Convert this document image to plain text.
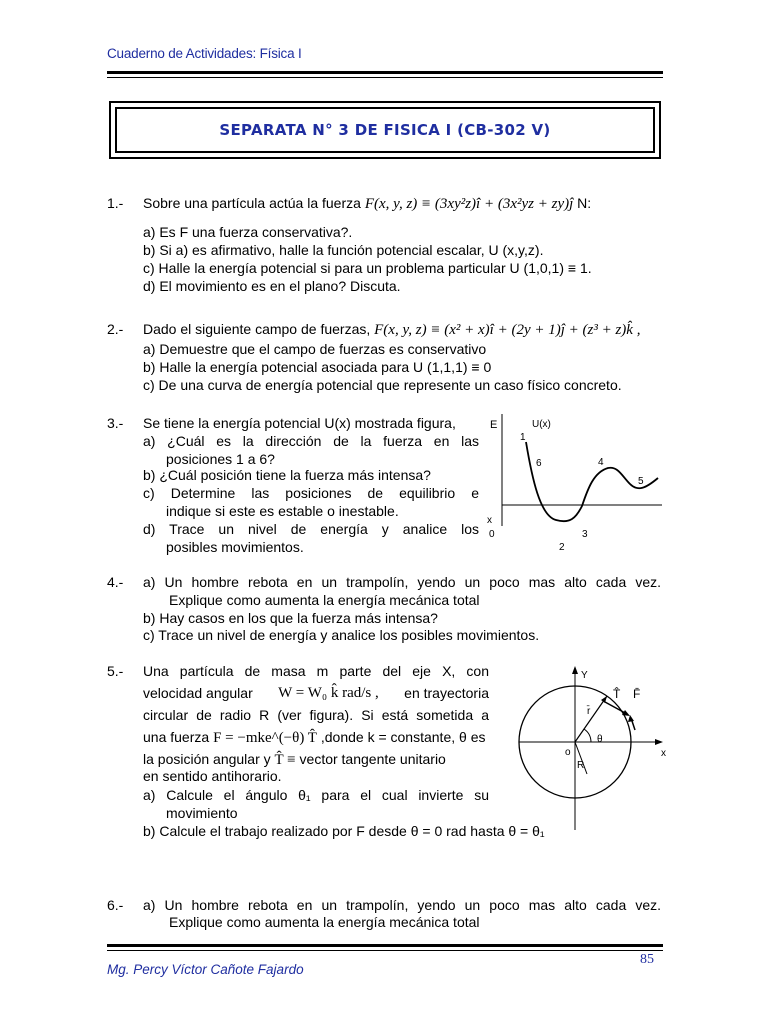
Cuaderno de Actividades: Física I
SEPARATA N° 3 DE FISICA I (CB-302 V)
1.- Sobre una partícula actúa la fuerza F(x, y, z) ≡ (3xy²z)î + (3x²yz + zy)ĵ N:
a) Es F una fuerza conservativa?.
b) Si a) es afirmativo, halle la función potencial escalar, U (x,y,z).
c) Halle la energía potencial si para un problema particular U (1,0,1) ≡ 1.
d) El movimiento es en el plano? Discuta.
2.- Dado el siguiente campo de fuerzas, F(x, y, z) ≡ (x² + x)î + (2y + 1)ĵ + (z³ + z)k̂ ,
a) Demuestre que el campo de fuerzas es conservativo
b) Halle la energía potencial asociada para U (1,1,1) ≡ 0
c) De una curva de energía potencial que represente un caso físico concreto.
3.- Se tiene la energía potencial U(x) mostrada figura,
a) ¿Cuál es la dirección de la fuerza en las
posiciones 1 a 6?
b) ¿Cuál posición tiene la fuerza más intensa?
c) Determine las posiciones de equilibrio e
indique si este es estable o inestable.
d) Trace un nivel de energía y analice los
posibles movimientos.
E	U(x)
1
6	4
5
x
0	3
2
4.- a) Un hombre rebota en un trampolín, yendo un poco mas alto cada vez.
Explique como aumenta la energía mecánica total
b) Hay casos en los que la fuerza más intensa?
c) Trace un nivel de energía y analice los posibles movimientos.
5.- Una partícula de masa m parte del eje X, con
velocidad angular W = W₀ k̂ rad/s , en trayectoria
circular de radio R (ver figura). Si está sometida a
una fuerza F = −mke^(−θ) T̂ ,donde k = constante, θ es
la posición angular y T̂ ≡ vector tangente unitario
en sentido antihorario.
a) Calcule el ángulo θ₁ para el cual invierte su
movimiento
b) Calcule el trabajo realizado por F desde θ = 0 rad hasta θ = θ₁
Y
x
o
R
r̄
θ
T̂ F̄
6.- a) Un hombre rebota en un trampolín, yendo un poco mas alto cada vez.
Explique como aumenta la energía mecánica total
85
Mg. Percy Víctor Cañote Fajardo
